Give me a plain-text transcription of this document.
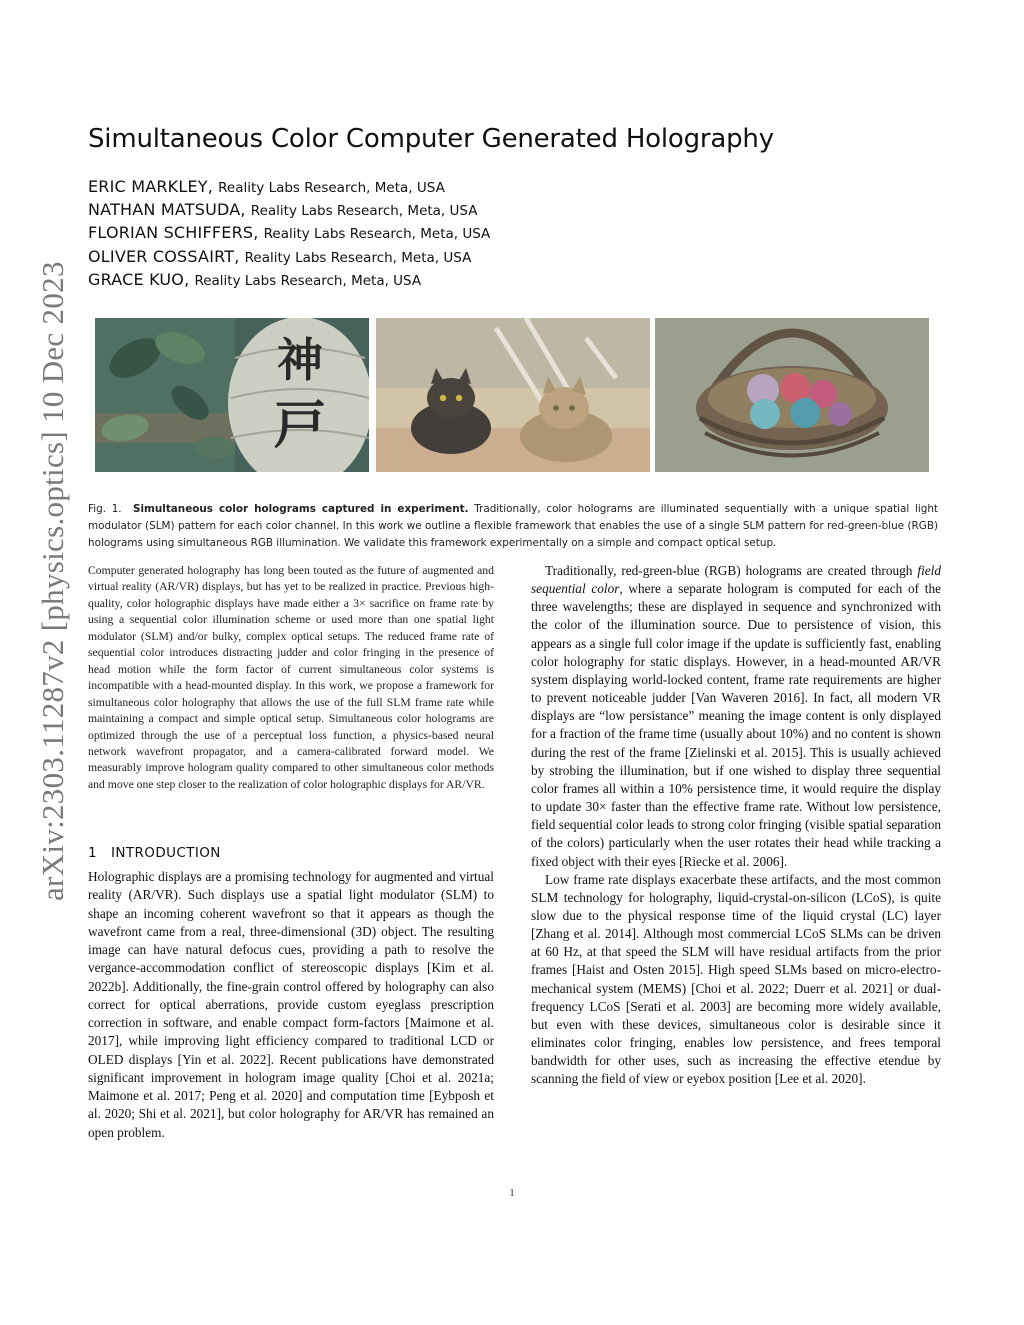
arXiv:2303.11287v2 [physics.optics] 10 Dec 2023
Simultaneous Color Computer Generated Holography
ERIC MARKLEY, Reality Labs Research, Meta, USA
NATHAN MATSUDA, Reality Labs Research, Meta, USA
FLORIAN SCHIFFERS, Reality Labs Research, Meta, USA
OLIVER COSSAIRT, Reality Labs Research, Meta, USA
GRACE KUO, Reality Labs Research, Meta, USA
神
戸
Fig. 1. Simultaneous color holograms captured in experiment. Traditionally, color holograms are illuminated sequentially with a unique spatial light modulator (SLM) pattern for each color channel. In this work we outline a flexible framework that enables the use of a single SLM pattern for red-green-blue (RGB) holograms using simultaneous RGB illumination. We validate this framework experimentally on a simple and compact optical setup.
Computer generated holography has long been touted as the future of augmented and virtual reality (AR/VR) displays, but has yet to be realized in practice. Previous high-quality, color holographic displays have made either a 3× sacrifice on frame rate by using a sequential color illumination scheme or used more than one spatial light modulator (SLM) and/or bulky, complex optical setups. The reduced frame rate of sequential color introduces distracting judder and color fringing in the presence of head motion while the form factor of current simultaneous color systems is incompatible with a head-mounted display. In this work, we propose a framework for simultaneous color holography that allows the use of the full SLM frame rate while maintaining a compact and simple optical setup. Simultaneous color holograms are optimized through the use of a perceptual loss function, a physics-based neural network wavefront propagator, and a camera-calibrated forward model. We measurably improve hologram quality compared to other simultaneous color methods and move one step closer to the realization of color holographic displays for AR/VR.
1 INTRODUCTION

Holographic displays are a promising technology for augmented and virtual reality (AR/VR). Such displays use a spatial light modulator (SLM) to shape an incoming coherent wavefront so that it appears as though the wavefront came from a real, three-dimensional (3D) object. The resulting image can have natural defocus cues, providing a path to resolve the vergance-accommodation conflict of stereoscopic displays [Kim et al. 2022b]. Additionally, the fine-grain control offered by holography can also correct for optical aberrations, provide custom eyeglass prescription correction in software, and enable compact form-factors [Maimone et al. 2017], while improving light efficiency compared to traditional LCD or OLED displays [Yin et al. 2022]. Recent publications have demonstrated significant improvement in hologram image quality [Choi et al. 2021a; Maimone et al. 2017; Peng et al. 2020] and computation time [Eybposh et al. 2020; Shi et al. 2021], but color holography for AR/VR has remained an open problem.

Traditionally, red-green-blue (RGB) holograms are created through field sequential color, where a separate hologram is computed for each of the three wavelengths; these are displayed in sequence and synchronized with the color of the illumination source. Due to persistence of vision, this appears as a single full color image if the update is sufficiently fast, enabling color holography for static displays. However, in a head-mounted AR/VR system displaying world-locked content, frame rate requirements are higher to prevent noticeable judder [Van Waveren 2016]. In fact, all modern VR displays are “low persistance” meaning the image content is only displayed for a fraction of the frame time (usually about 10%) and no content is shown during the rest of the frame [Zielinski et al. 2015]. This is usually achieved by strobing the illumination, but if one wished to display three sequential color frames all within a 10% persistence time, it would require the display to update 30× faster than the effective frame rate. Without low persistence, field sequential color leads to strong color fringing (visible spatial separation of the colors) particularly when the user rotates their head while tracking a fixed object with their eyes [Riecke et al. 2006].

Low frame rate displays exacerbate these artifacts, and the most common SLM technology for holography, liquid-crystal-on-silicon (LCoS), is quite slow due to the physical response time of the liquid crystal (LC) layer [Zhang et al. 2014]. Although most commercial LCoS SLMs can be driven at 60 Hz, at that speed the SLM will have residual artifacts from the prior frames [Haist and Osten 2015]. High speed SLMs based on micro-electro-mechanical system (MEMS) [Choi et al. 2022; Duerr et al. 2021] or dual-frequency LCoS [Serati et al. 2003] are becoming more widely available, but even with these devices, simultaneous color is desirable since it eliminates color fringing, enables low persistence, and frees temporal bandwidth for other uses, such as increasing the effective etendue by scanning the field of view or eyebox position [Lee et al. 2020].

1
